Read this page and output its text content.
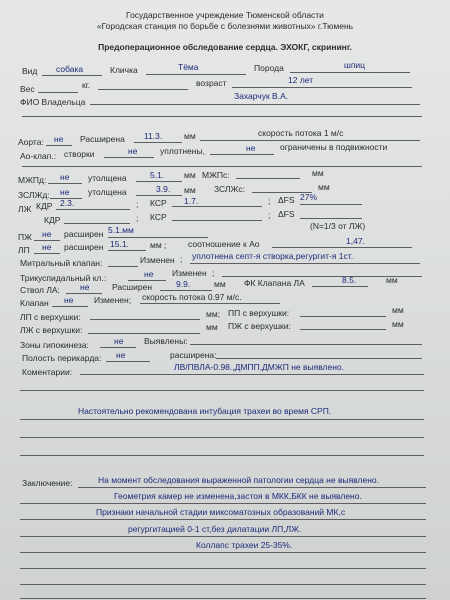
Государственное учреждение Тюменской области
«Городская станция по борьбе с болезнями животных» г.Тюмень
Предоперационное обследование сердца. ЭХОКГ, скрининг.
Вид собака	Кличка	Тёма	Порода	шпиц
Вес	кг.	возраст	12 лет
ФИО Владельца
Захарчук В.А.
Аорта: не Расширена 11.3.	мм	скорость потока 1 м/с
Ао-клап.: створки	не	уплотнены,	не	ограничены в подвижности
МЖПд: не утолщена	5.1. мм МЖПс:	мм
ЗСЛЖд: не утолщена	3.9. мм ЗСЛЖс:	мм
ЛЖ КДР 2.3.	; КСР 1.7.	; ΔFS 27%
КДР	; КСР	; ΔFS
ПЖ не расширен 5.1.мм	(N=1/3 от ЛЖ)
ЛП не расширен 15.1. мм ;	соотношение к Ао	1,47.
Митральный клапан:	Изменен ; уплотнена септ-я створка,регургит-я 1ст.
Трикуспидальный кл.:	не Изменен ;
Ствол ЛА: не	Расширен	9.9.	мм ФК Клапана ЛА	8.5.	мм
Клапан не Изменен; скорость потока 0.97 м/с.
ЛП с верхушки:	мм; ПП с верхушки:	мм
ЛЖ с верхушки:	мм ПЖ с верхушки:	мм
Зоны гипокинеза:	не Выявлены:
Полость перикарда: не	расширена:
Коментарии:	ЛВ/ПВЛА-0.98.,ДМПП,ДМЖП не выявлено.
Настоятельно рекомендована интубация трахеи во время СРП.
Заключение:	На момент обследования выраженной патологии сердца не выявлено.
Геометрия камер не изменена,застоя в МКК,БКК не выявлено.
Признаки начальной стадии миксоматозных образований МК,с
регургитацией 0-1 ст,без дилатации ЛП,ЛЖ.
Коллапс трахеи 25-35%.
